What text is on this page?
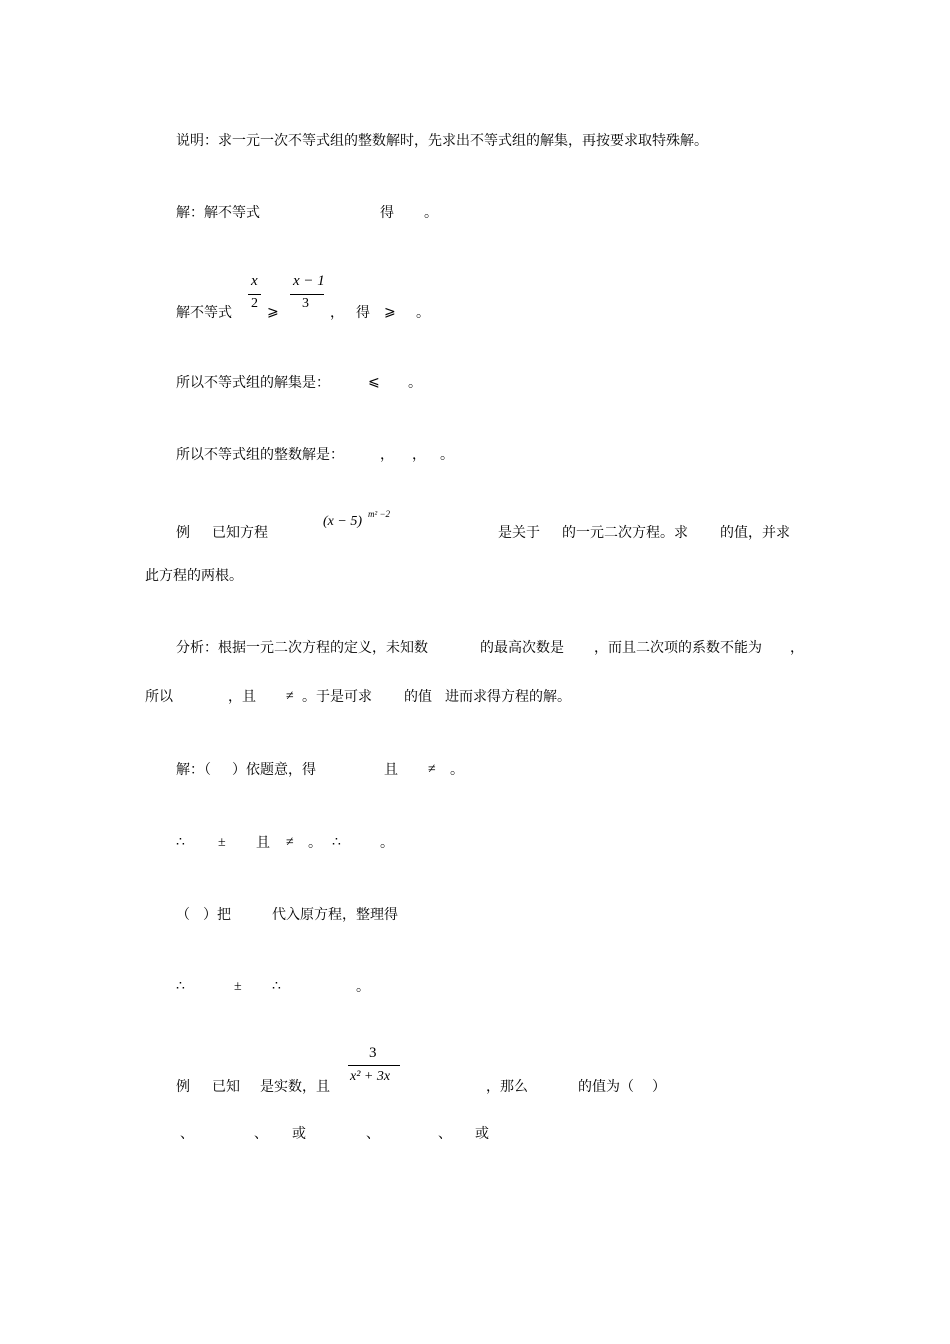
说明：求一元一次不等式组的整数解时，先求出不等式组的解集，再按要求取特殊解。
解：解不等式	得 。
解不等式
x
2
⩾
x − 1
3
， 得 ⩾ 。
所以不等式组的解集是：	⩽ 。
所以不等式组的整数解是：	， ， 。
例 已知方程
(x − 5) m² −2
是关于 的一元二次方程。求 的值，并求
此方程的两根。
分析：根据一元二次方程的定义，未知数	的最高次数是 ，而且二次项的系数不能为 ，
所以	，且 ≠ 。于是可求 的值 进而求得方程的解。
解：（ ）依题意，得	且 ≠ 。
∴ ± 且 ≠ 。 ∴	。
（ ）把	代入原方程，整理得
∴	± ∴	。
例 已知 是实数，且
3
x² + 3x
，那么	的值为（ ）
、	、 或	、	、 或
